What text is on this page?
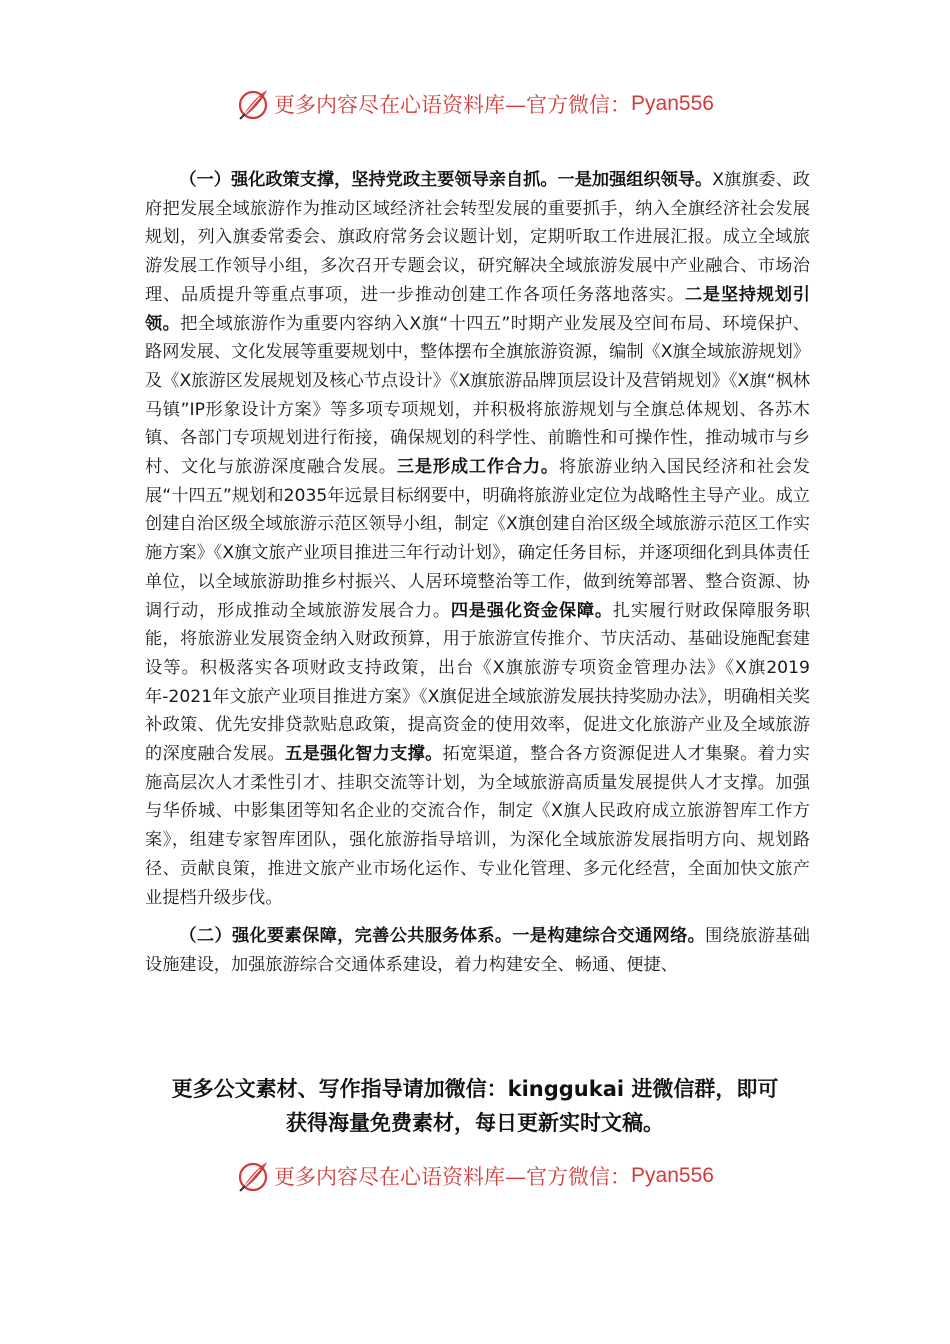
更多内容尽在心语资料库—官方微信： Pyan556

（一）强化政策支撑，坚持党政主要领导亲自抓。一是加强组织领导。X旗旗委、政府把发展全域旅游作为推动区域经济社会转型发展的重要抓手，纳入全旗经济社会发展规划，列入旗委常委会、旗政府常务会议题计划，定期听取工作进展汇报。成立全域旅游发展工作领导小组，多次召开专题会议，研究解决全域旅游发展中产业融合、市场治理、品质提升等重点事项，进一步推动创建工作各项任务落地落实。二是坚持规划引领。把全域旅游作为重要内容纳入X旗“十四五”时期产业发展及空间布局、环境保护、路网发展、文化发展等重要规划中，整体摆布全旗旅游资源，编制《X旗全域旅游规划》及《X旅游区发展规划及核心节点设计》《X旗旅游品牌顶层设计及营销规划》《X旗“枫林马镇”IP形象设计方案》等多项专项规划，并积极将旅游规划与全旗总体规划、各苏木镇、各部门专项规划进行衔接，确保规划的科学性、前瞻性和可操作性，推动城市与乡村、文化与旅游深度融合发展。三是形成工作合力。将旅游业纳入国民经济和社会发展“十四五”规划和2035年远景目标纲要中，明确将旅游业定位为战略性主导产业。成立创建自治区级全域旅游示范区领导小组，制定《X旗创建自治区级全域旅游示范区工作实施方案》《X旗文旅产业项目推进三年行动计划》，确定任务目标，并逐项细化到具体责任单位，以全域旅游助推乡村振兴、人居环境整治等工作，做到统筹部署、整合资源、协调行动，形成推动全域旅游发展合力。四是强化资金保障。扎实履行财政保障服务职能，将旅游业发展资金纳入财政预算，用于旅游宣传推介、节庆活动、基础设施配套建设等。积极落实各项财政支持政策，出台《X旗旅游专项资金管理办法》《X旗2019年-2021年文旅产业项目推进方案》《X旗促进全域旅游发展扶持奖励办法》，明确相关奖补政策、优先安排贷款贴息政策，提高资金的使用效率，促进文化旅游产业及全域旅游的深度融合发展。五是强化智力支撑。拓宽渠道，整合各方资源促进人才集聚。着力实施高层次人才柔性引才、挂职交流等计划，为全域旅游高质量发展提供人才支撑。加强与华侨城、中影集团等知名企业的交流合作，制定《X旗人民政府成立旅游智库工作方案》，组建专家智库团队，强化旅游指导培训，为深化全域旅游发展指明方向、规划路径、贡献良策，推进文旅产业市场化运作、专业化管理、多元化经营，全面加快文旅产业提档升级步伐。

（二）强化要素保障，完善公共服务体系。一是构建综合交通网络。围绕旅游基础设施建设，加强旅游综合交通体系建设，着力构建安全、畅通、便捷、

更多公文素材、写作指导请加微信：kinggukai 进微信群，即可
获得海量免费素材，每日更新实时文稿。
更多内容尽在心语资料库—官方微信： Pyan556
